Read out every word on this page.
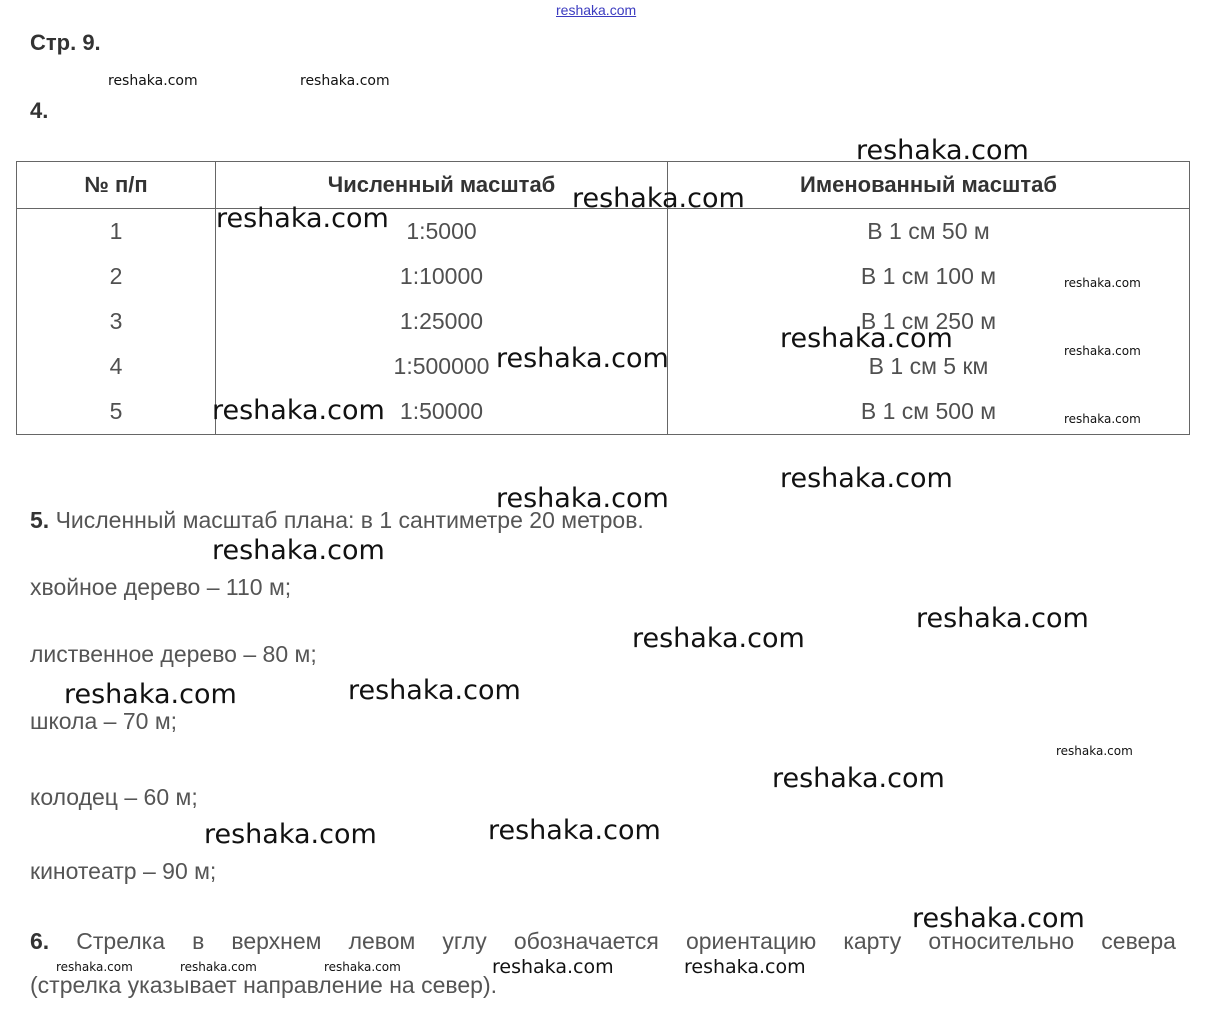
reshaka.com
Стр. 9.
4.
№ п/п	Численный масштаб	Именованный масштаб
1	1:5000	В 1 см 50 м
2	1:10000	В 1 см 100 м
3	1:25000	В 1 см 250 м
4	1:500000	В 1 см 5 км
5	1:50000	В 1 см 500 м
5. Численный масштаб плана: в 1 сантиметре 20 метров.
хвойное дерево – 110 м;
лиственное дерево – 80 м;
школа – 70 м;
колодец – 60 м;
кинотеатр – 90 м;
6. Стрелка в верхнем левом углу обозначается ориентацию карту относительно севера
(стрелка указывает направление на север).
reshaka.com	reshaka.com
reshaka.com
reshaka.com
reshaka.com
reshaka.com
reshaka.com	reshaka.com
reshaka.com
reshaka.com	reshaka.com
reshaka.com
reshaka.com
reshaka.com
reshaka.com
reshaka.com
reshaka.com
reshaka.com
reshaka.com
reshaka.com
reshaka.com
reshaka.com
reshaka.com
reshaka.com	reshaka.com	reshaka.com	reshaka.com	reshaka.com
